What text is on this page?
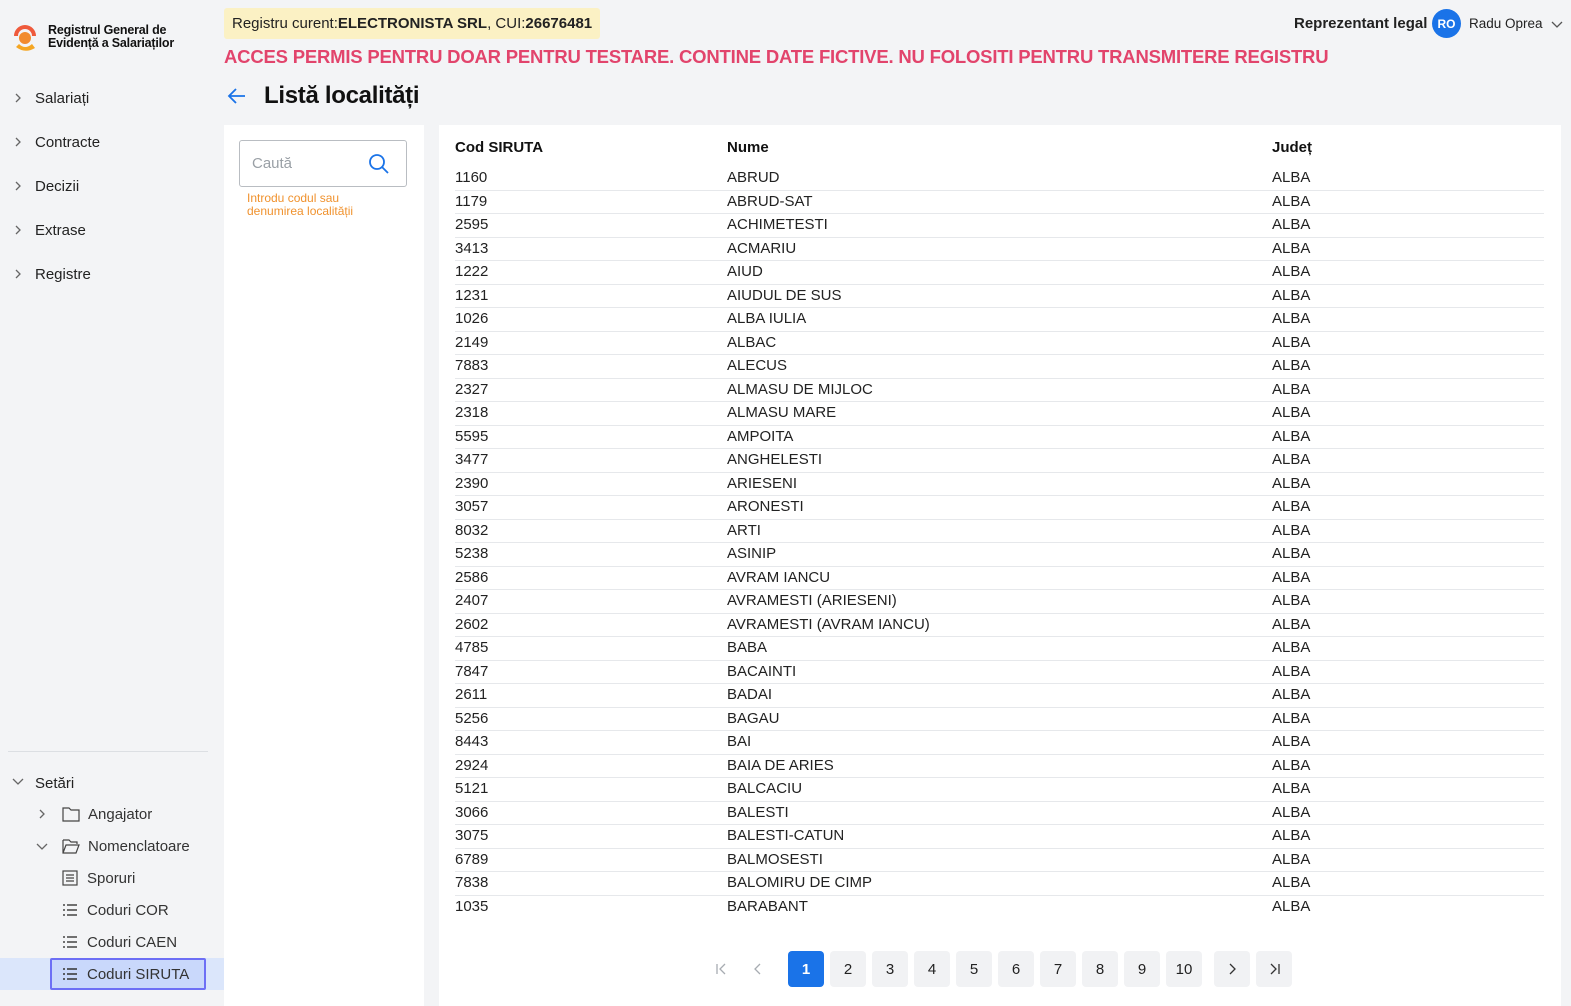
Registrul General de
Evidență a Salariaților
Salariați
Contracte
Decizii
Extrase
Registre
Setări
Angajator
Nomenclatoare
Sporuri
Coduri COR
Coduri CAEN
Coduri SIRUTA
Registru curent: ELECTRONISTA SRL , CUI: 26676481
ACCES PERMIS PENTRU DOAR PENTRU TESTARE. CONTINE DATE FICTIVE. NU FOLOSITI PENTRU TRANSMITERE REGISTRU
Reprezentant legal RO	Radu Oprea
Listă localități
Caută
Introdu codul sau denumirea localității
Cod SIRUTA	Nume	Județ
1160	ABRUD	ALBA
1179	ABRUD-SAT	ALBA
2595	ACHIMETESTI	ALBA
3413	ACMARIU	ALBA
1222	AIUD	ALBA
1231	AIUDUL DE SUS	ALBA
1026	ALBA IULIA	ALBA
2149	ALBAC	ALBA
7883	ALECUS	ALBA
2327	ALMASU DE MIJLOC	ALBA
2318	ALMASU MARE	ALBA
5595	AMPOITA	ALBA
3477	ANGHELESTI	ALBA
2390	ARIESENI	ALBA
3057	ARONESTI	ALBA
8032	ARTI	ALBA
5238	ASINIP	ALBA
2586	AVRAM IANCU	ALBA
2407	AVRAMESTI (ARIESENI)	ALBA
2602	AVRAMESTI (AVRAM IANCU)	ALBA
4785	BABA	ALBA
7847	BACAINTI	ALBA
2611	BADAI	ALBA
5256	BAGAU	ALBA
8443	BAI	ALBA
2924	BAIA DE ARIES	ALBA
5121	BALCACIU	ALBA
3066	BALESTI	ALBA
3075	BALESTI-CATUN	ALBA
6789	BALMOSESTI	ALBA
7838	BALOMIRU DE CIMP	ALBA
1035	BARABANT	ALBA
1	2	3	4	5	6	7	8	9	10
